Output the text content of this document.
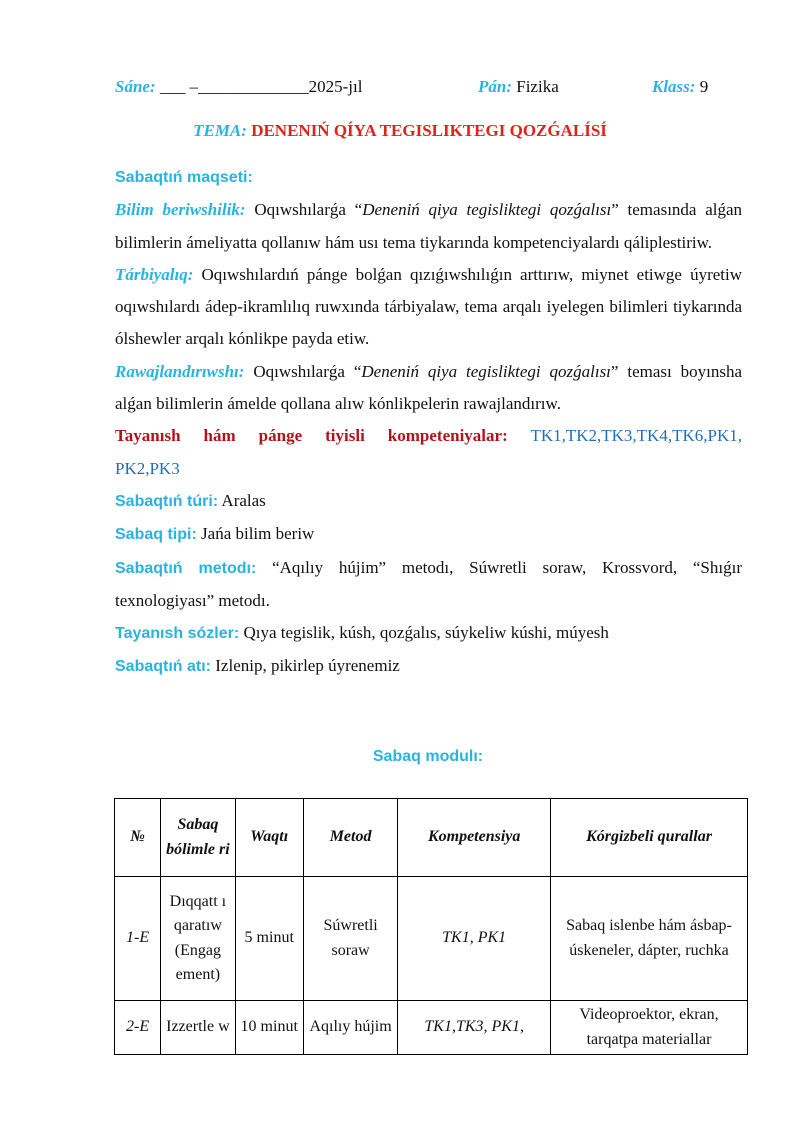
Sáne: ___ –_____________2025-jıl	Pán: Fizika	Klass: 9
TEMA: DENENIŃ QÍYA TEGISLIKTEGI QOZǴALÍSÍ

Sabaqtıń maqseti:

Bilim beriwshilik: Oqıwshılarǵa “Deneniń qiya tegisliktegi qozǵalısı” temasında alǵan bilimlerin ámeliyatta qollanıw hám usı tema tiykarında kompetenciyalardı qáliplestiriw.

Tárbiyalıq: Oqıwshılardıń pánge bolǵan qızıǵıwshılıǵın arttırıw, miynet etiwge úyretiw oqıwshılardı ádep-ikramlılıq ruwxında tárbiyalaw, tema arqalı iyelegen bilimleri tiykarında ólshewler arqalı kónlikpe payda etiw.

Rawajlandırıwshı: Oqıwshılarǵa “Deneniń qiya tegisliktegi qozǵalısı” teması boyınsha alǵan bilimlerin ámelde qollana alıw kónlikpelerin rawajlandırıw.

Tayanısh hám pánge tiyisli kompeteniyalar: TK1,TK2,TK3,TK4,TK6,PK1,

PK2,PK3

Sabaqtıń túri: Aralas

Sabaq tipi: Jańa bilim beriw

Sabaqtıń metodı: “Aqılıy hújim” metodı, Súwretli soraw, Krossvord, “Shıǵır texnologiyası” metodı.

Tayanısh sózler: Qıya tegislik, kúsh, qozǵalıs, súykeliw kúshi, múyesh

Sabaqtıń atı: Izlenip, pikirlep úyrenemiz

Sabaq modulı:
№	Sabaq bólimle ri	Waqtı	Metod	Kompetensiya	Kórgizbeli qurallar
1-E	Dıqqatt ı qaratıw (Engag ement)	5 minut	Súwretli soraw	TK1, PK1	Sabaq islenbe hám ásbap-úskeneler, dápter, ruchka
2-E	Izzertle w	10 minut	Aqılıy hújim	TK1,TK3, PK1,	Videoproektor, ekran, tarqatpa materiallar
